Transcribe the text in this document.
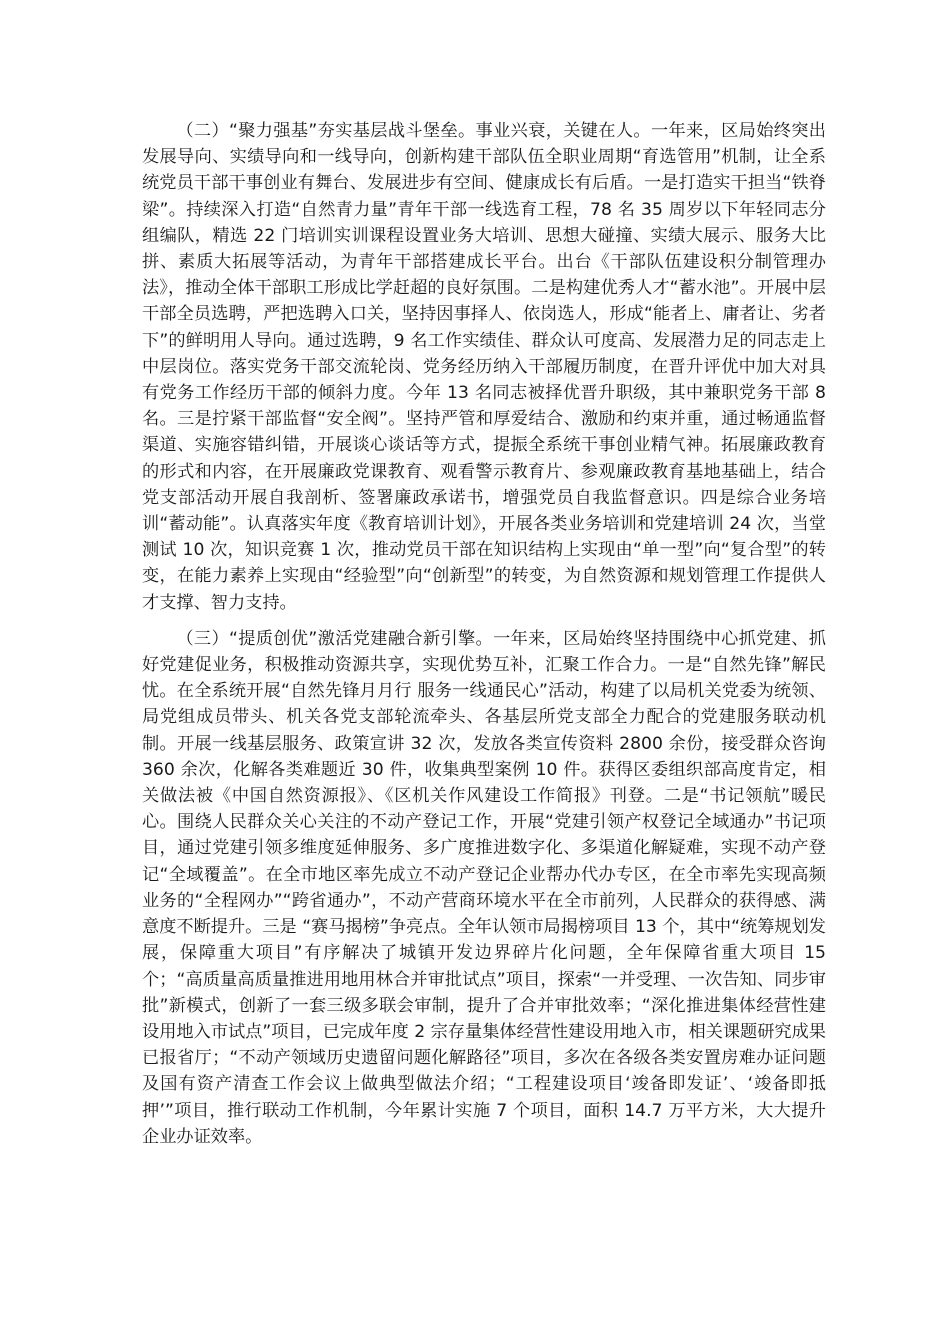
（二）“聚力强基”夯实基层战斗堡垒。事业兴衰，关键在人。一年来，区局始终突出发展导向、实绩导向和一线导向，创新构建干部队伍全职业周期“育选管用”机制，让全系统党员干部干事创业有舞台、发展进步有空间、健康成长有后盾。一是打造实干担当“铁脊梁”。持续深入打造“自然青力量”青年干部一线选育工程，78 名 35 周岁以下年轻同志分组编队，精选 22 门培训实训课程设置业务大培训、思想大碰撞、实绩大展示、服务大比拼、素质大拓展等活动，为青年干部搭建成长平台。出台《干部队伍建设积分制管理办法》，推动全体干部职工形成比学赶超的良好氛围。二是构建优秀人才“蓄水池”。开展中层干部全员选聘，严把选聘入口关，坚持因事择人、依岗选人，形成“能者上、庸者让、劣者下”的鲜明用人导向。通过选聘，9 名工作实绩佳、群众认可度高、发展潜力足的同志走上中层岗位。落实党务干部交流轮岗、党务经历纳入干部履历制度，在晋升评优中加大对具有党务工作经历干部的倾斜力度。今年 13 名同志被择优晋升职级，其中兼职党务干部 8 名。三是拧紧干部监督“安全阀”。坚持严管和厚爱结合、激励和约束并重，通过畅通监督渠道、实施容错纠错，开展谈心谈话等方式，提振全系统干事创业精气神。拓展廉政教育的形式和内容，在开展廉政党课教育、观看警示教育片、参观廉政教育基地基础上，结合党支部活动开展自我剖析、签署廉政承诺书，增强党员自我监督意识。四是综合业务培训“蓄动能”。认真落实年度《教育培训计划》，开展各类业务培训和党建培训 24 次，当堂测试 10 次，知识竞赛 1 次，推动党员干部在知识结构上实现由“单一型”向“复合型”的转变，在能力素养上实现由“经验型”向“创新型”的转变，为自然资源和规划管理工作提供人才支撑、智力支持。

（三）“提质创优”激活党建融合新引擎。一年来，区局始终坚持围绕中心抓党建、抓好党建促业务，积极推动资源共享，实现优势互补，汇聚工作合力。一是“自然先锋”解民忧。在全系统开展“自然先锋月月行 服务一线通民心”活动，构建了以局机关党委为统领、局党组成员带头、机关各党支部轮流牵头、各基层所党支部全力配合的党建服务联动机制。开展一线基层服务、政策宣讲 32 次，发放各类宣传资料 2800 余份，接受群众咨询 360 余次，化解各类难题近 30 件，收集典型案例 10 件。获得区委组织部高度肯定，相关做法被《中国自然资源报》、《区机关作风建设工作简报》刊登。二是“书记领航”暖民心。围绕人民群众关心关注的不动产登记工作，开展“党建引领产权登记全域通办”书记项目，通过党建引领多维度延伸服务、多广度推进数字化、多渠道化解疑难，实现不动产登记“全域覆盖”。在全市地区率先成立不动产登记企业帮办代办专区，在全市率先实现高频业务的“全程网办”“跨省通办”，不动产营商环境水平在全市前列，人民群众的获得感、满意度不断提升。三是 “赛马揭榜”争亮点。全年认领市局揭榜项目 13 个，其中“统筹规划发展，保障重大项目”有序解决了城镇开发边界碎片化问题，全年保障省重大项目 15 个；“高质量高质量推进用地用林合并审批试点”项目，探索“一并受理、一次告知、同步审批”新模式，创新了一套三级多联会审制，提升了合并审批效率；“深化推进集体经营性建设用地入市试点”项目，已完成年度 2 宗存量集体经营性建设用地入市，相关课题研究成果已报省厅；“不动产领域历史遗留问题化解路径”项目，多次在各级各类安置房难办证问题及国有资产清查工作会议上做典型做法介绍；“工程建设项目‘竣备即发证’、‘竣备即抵押’”项目，推行联动工作机制，今年累计实施 7 个项目，面积 14.7 万平方米，大大提升企业办证效率。
